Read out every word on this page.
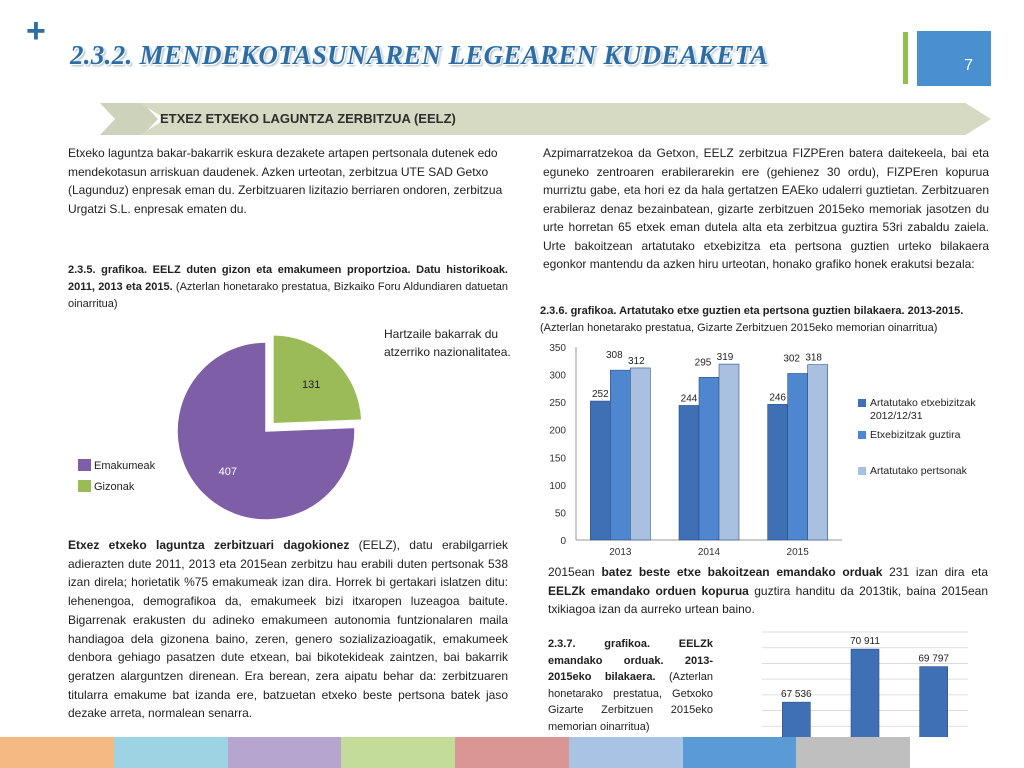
+
2.3.2. MENDEKOTASUNAREN LEGEAREN KUDEAKETA	7
ETXEZ ETXEKO LAGUNTZA ZERBITZUA (EELZ)
Etxeko laguntza bakar-bakarrik eskura dezakete artapen pertsonala dutenek edo mendekotasun arriskuan daudenek. Azken urteotan, zerbitzua UTE SAD Getxo (Lagunduz) enpresak eman du. Zerbitzuaren lizitazio berriaren ondoren, zerbitzua Urgatzi S.L. enpresak ematen du.
2.3.5. grafikoa. EELZ duten gizon eta emakumeen proportzioa. Datu historikoak. 2011, 2013 eta 2015. (Azterlan honetarako prestatua, Bizkaiko Foru Aldundiaren datuetan oinarritua)
131
407
Emakumeak
Gizonak
Hartzaile bakarrak du atzerriko nazionalitatea.
Etxez etxeko laguntza zerbitzuari dagokionez (EELZ), datu erabilgarriek adierazten dute 2011, 2013 eta 2015ean zerbitzu hau erabili duten pertsonak 538 izan direla; horietatik %75 emakumeak izan dira. Horrek bi gertakari islatzen ditu: lehenengoa, demografikoa da, emakumeek bizi itxaropen luzeagoa baitute. Bigarrenak erakusten du adineko emakumeen autonomia funtzionalaren maila handiagoa dela gizonena baino, zeren, genero sozializazioagatik, emakumeek denbora gehiago pasatzen dute etxean, bai bikotekideak zaintzen, bai bakarrik geratzen alarguntzen direnean. Era berean, zera aipatu behar da: zerbitzuaren titularra emakume bat izanda ere, batzuetan etxeko beste pertsona batek jaso dezake arreta, normalean senarra.
Azpimarratzekoa da Getxon, EELZ zerbitzua FIZPEren batera daitekeela, bai eta eguneko zentroaren erabilerarekin ere (gehienez 30 ordu), FIZPEren kopurua murriztu gabe, eta hori ez da hala gertatzen EAEko udalerri guztietan. Zerbitzuaren erabileraz denaz bezainbatean, gizarte zerbitzuen 2015eko memoriak jasotzen du urte horretan 65 etxek eman dutela alta eta zerbitzua guztira 53ri zabaldu zaiela. Urte bakoitzean artatutako etxebizitza eta pertsona guztien urteko bilakaera egonkor mantendu da azken hiru urteotan, honako grafiko honek erakutsi bezala:
2.3.6. grafikoa. Artatutako etxe guztien eta pertsona guztien bilakaera. 2013-2015.
(Azterlan honetarako prestatua, Gizarte Zerbitzuen 2015eko memorian oinarritua)
0
50
100
150
200
250
300
350
2013	2014	2015
252
308
312
244
295 319
246
302 318
Artatutako etxebizitzak
2012/12/31
Etxebizitzak guztira
Artatutako pertsonak
2015ean batez beste etxe bakoitzean emandako orduak 231 izan dira eta EELZk emandako orduen kopurua guztira handitu da 2013tik, baina 2015ean txikiagoa izan da aurreko urtean baino.
2.3.7. grafikoa. EELZk emandako orduak. 2013-2015eko bilakaera. (Azterlan honetarako prestatua, Getxoko Gizarte Zerbitzuen 2015eko memorian oinarritua)
67 536
70 911
69 797
